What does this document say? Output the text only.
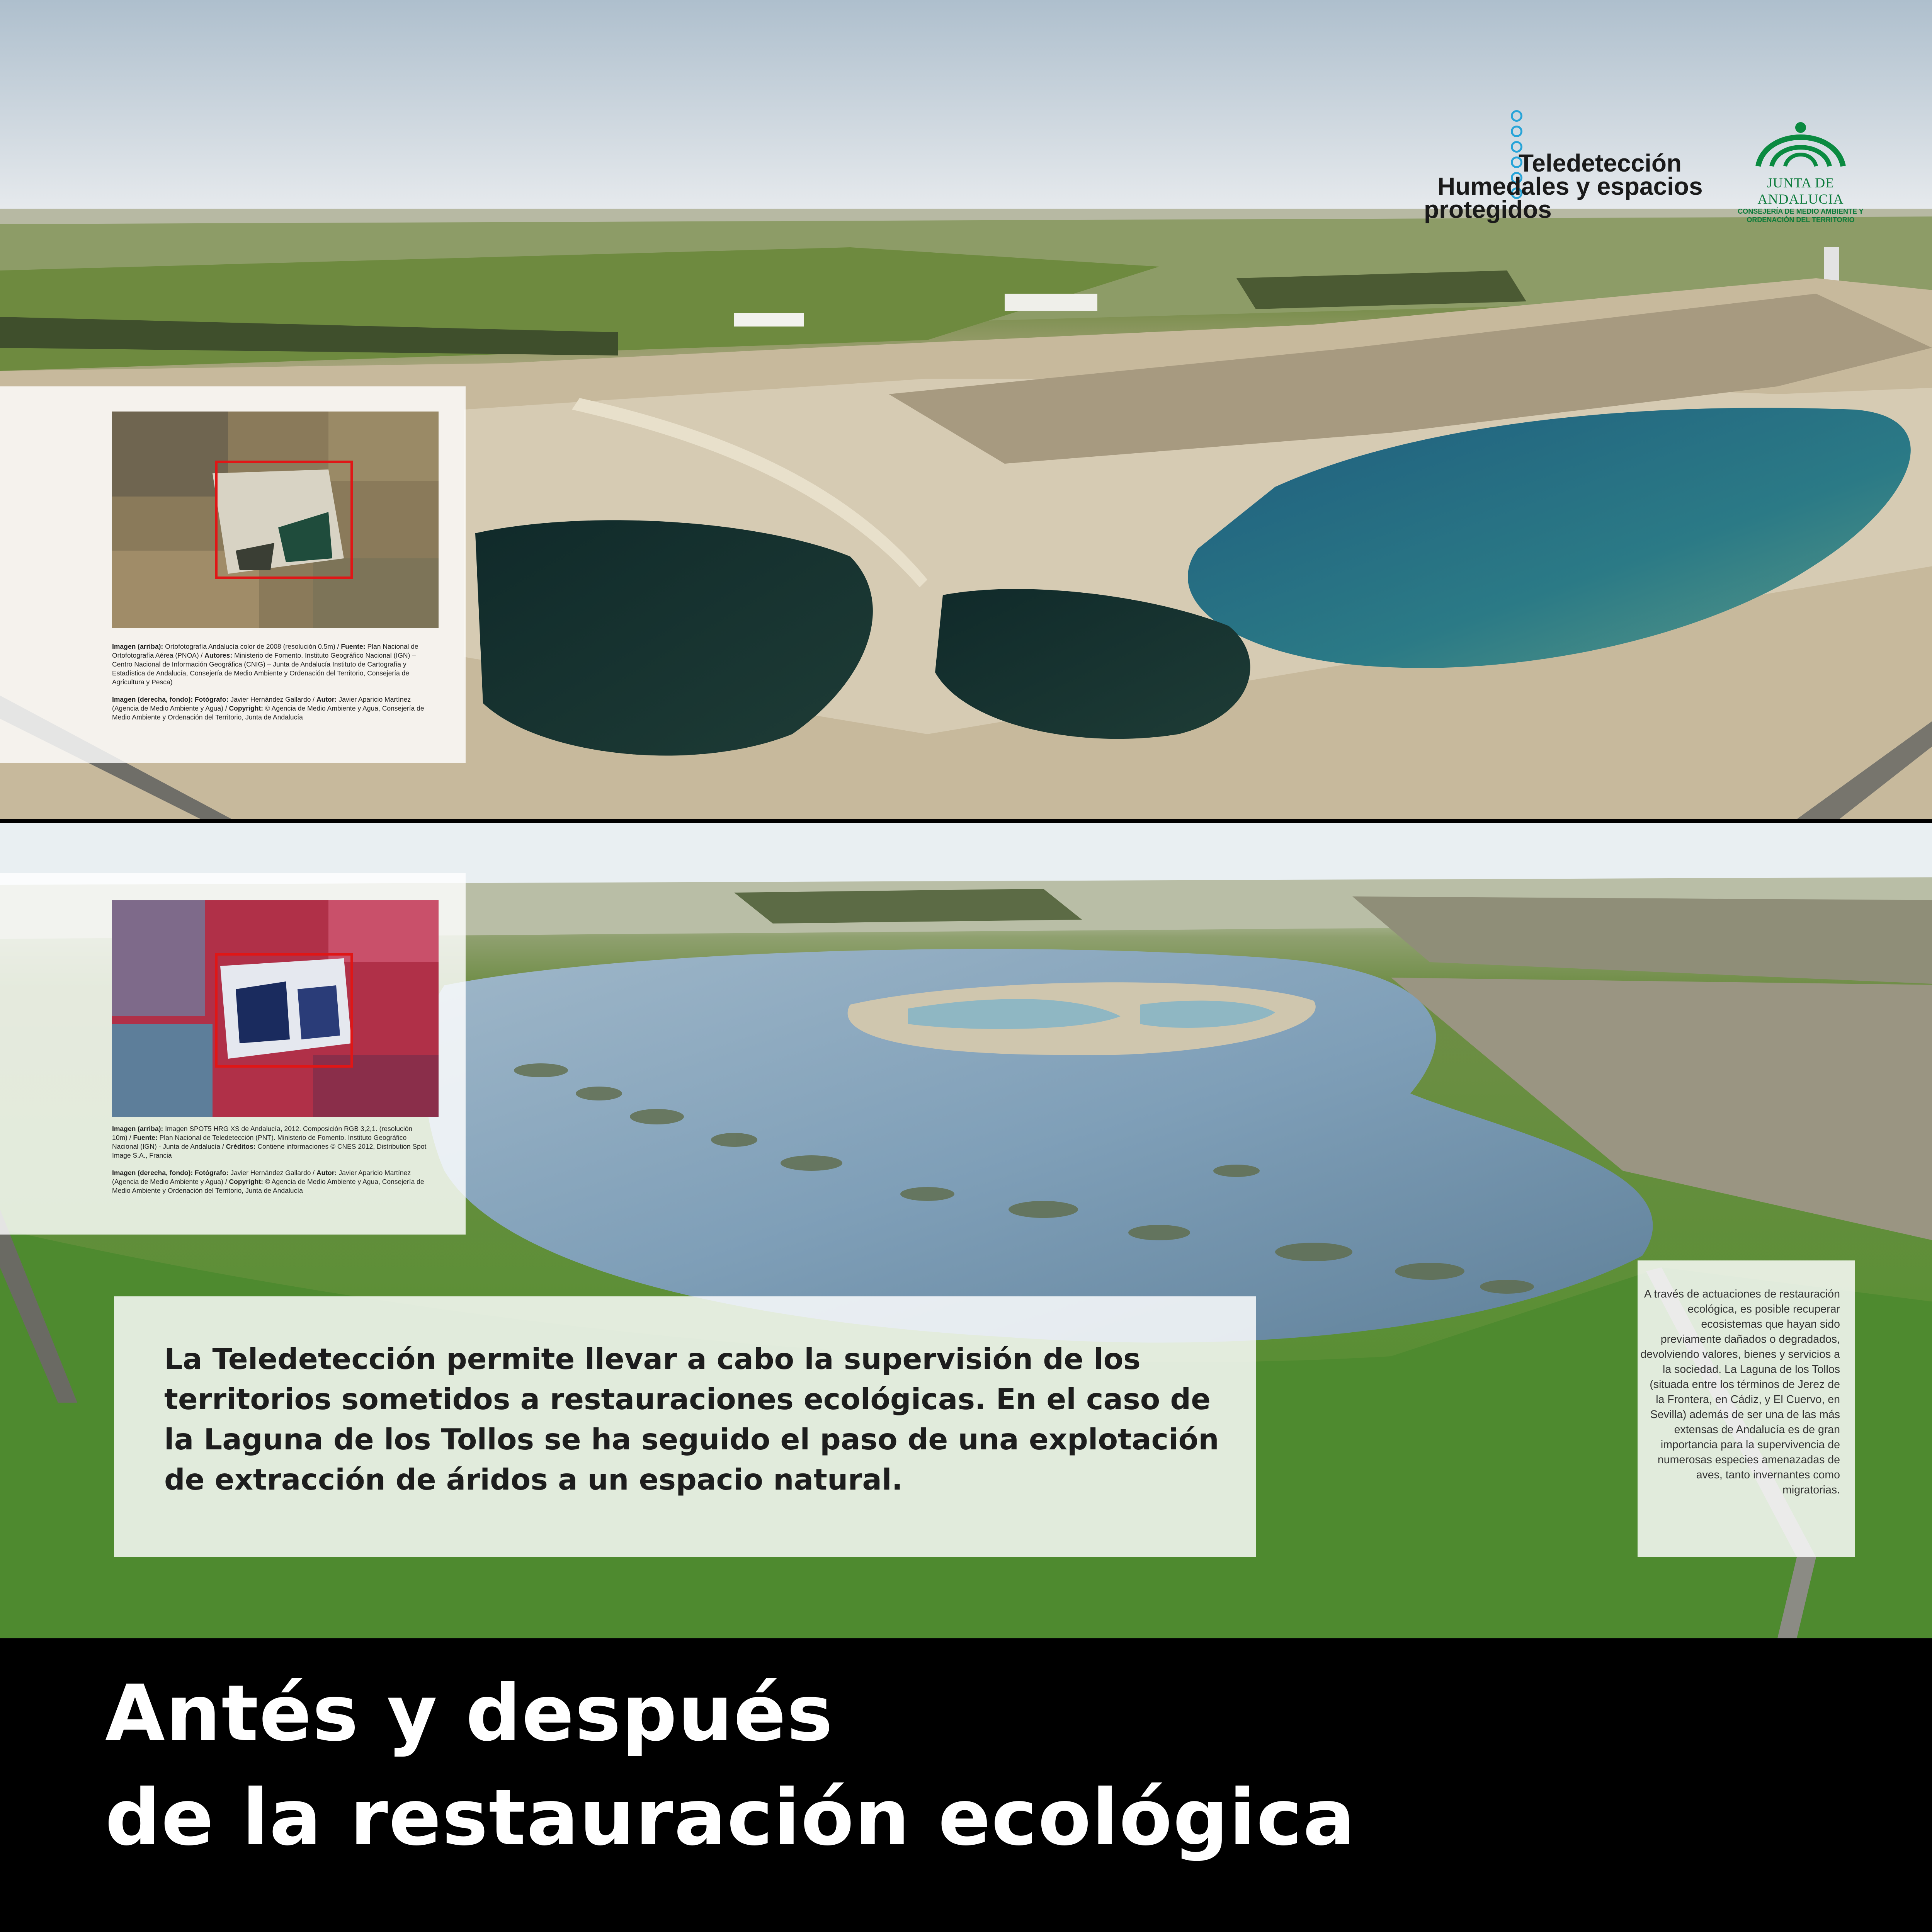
Teledetección
Humedales y espacios
protegidos
JUNTA DE ANDALUCIA
CONSEJERÍA DE MEDIO AMBIENTE Y ORDENACIÓN DEL TERRITORIO

Imagen (arriba): Ortofotografía Andalucía color de 2008 (resolución 0.5m) / Fuente: Plan Nacional de Ortofotografía Aérea (PNOA) / Autores: Ministerio de Fomento. Instituto Geográfico Nacional (IGN) – Centro Nacional de Información Geográfica (CNIG) – Junta de Andalucía Instituto de Cartografía y Estadística de Andalucía, Consejería de Medio Ambiente y Ordenación del Territorio, Consejería de Agricultura y Pesca)

Imagen (derecha, fondo): Fotógrafo: Javier Hernández Gallardo / Autor: Javier Aparicio Martínez (Agencia de Medio Ambiente y Agua) / Copyright: © Agencia de Medio Ambiente y Agua, Consejería de Medio Ambiente y Ordenación del Territorio, Junta de Andalucía

Imagen (arriba): Imagen SPOT5 HRG XS de Andalucía, 2012. Composición RGB 3,2,1. (resolución 10m) / Fuente: Plan Nacional de Teledetección (PNT). Ministerio de Fomento. Instituto Geográfico Nacional (IGN) - Junta de Andalucía / Créditos: Contiene informaciones © CNES 2012, Distribution Spot Image S.A., Francia

Imagen (derecha, fondo): Fotógrafo: Javier Hernández Gallardo / Autor: Javier Aparicio Martínez (Agencia de Medio Ambiente y Agua) / Copyright: © Agencia de Medio Ambiente y Agua, Consejería de Medio Ambiente y Ordenación del Territorio, Junta de Andalucía

La Teledetección permite llevar a cabo la supervisión de los territorios sometidos a restauraciones ecológicas. En el caso de la Laguna de los Tollos se ha seguido el paso de una explotación de extracción de áridos a un espacio natural.

A través de actuaciones de restauración ecológica, es posible recuperar ecosistemas que hayan sido previamente dañados o degradados, devolviendo valores, bienes y servicios a la sociedad. La Laguna de los Tollos (situada entre los términos de Jerez de la Frontera, en Cádiz, y El Cuervo, en Sevilla) además de ser una de las más extensas de Andalucía es de gran importancia para la supervivencia de numerosas especies amenazadas de aves, tanto invernantes como migratorias.

Antés y después
de la restauración ecológica
